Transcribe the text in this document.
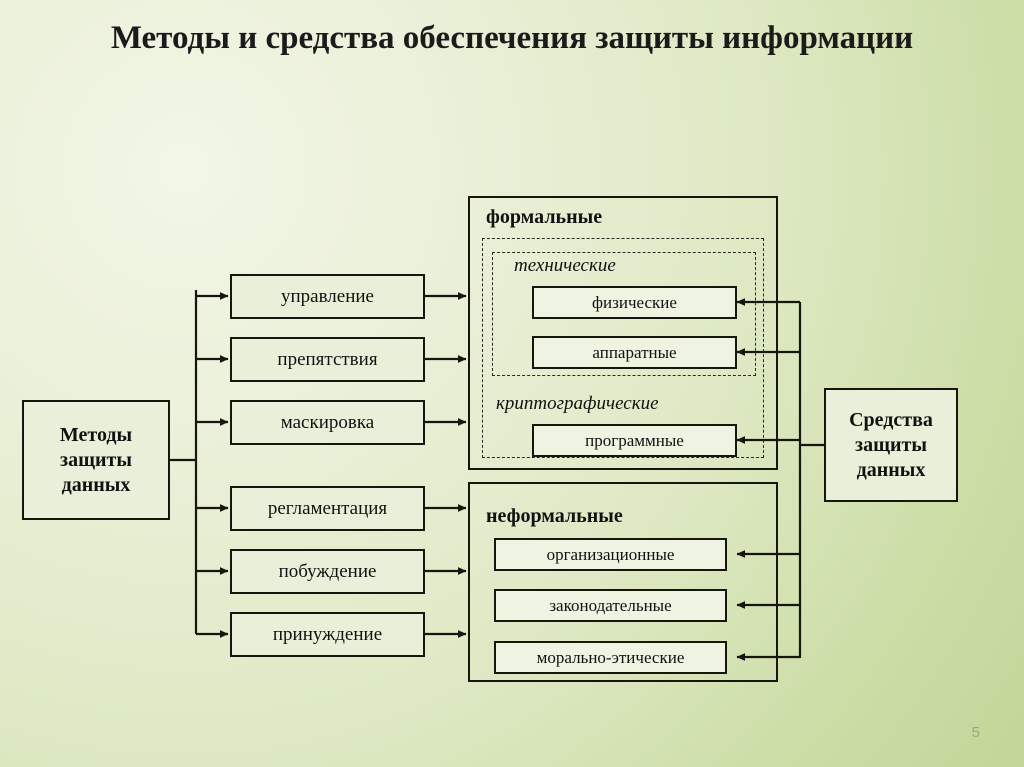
Методы и средства обеспечения защиты информации
Методы защиты данных
Средства защиты данных
управление
препятствия
маскировка
регламентация
побуждение
принуждение
формальные
технические
физические
аппаратные
криптографические
программные
неформальные
организационные
законодательные
морально-этические
5
